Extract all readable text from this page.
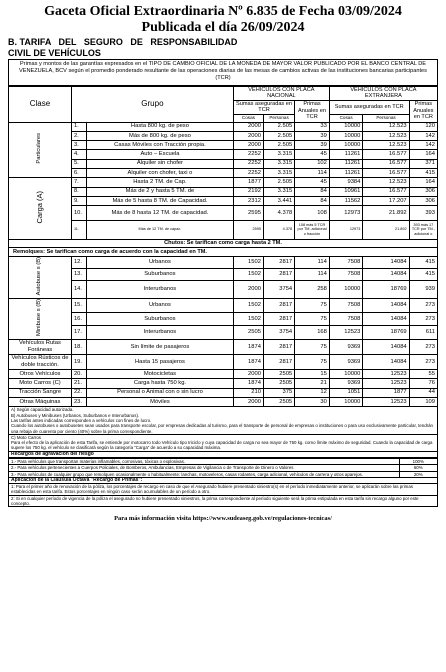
Gaceta Oficial Extraordinaria Nº 6.835 de Fecha 03/09/2024
Publicada el día 26/09/2024
B. TARIFA   DEL   SEGURO   DE   RESPONSABILIDAD
CIVIL DE VEHÍCULOS
Primas y montos de las garantías expresados en el TIPO DE CAMBIO OFICIAL DE LA MONEDA DE MAYOR VALOR PUBLICADO POR EL BANCO CENTRAL DE VENEZUELA, BCV según el promedio ponderado resultante de las operaciones diarias de las mesas de cambios activas de las instituciones bancarias participantes (TCR)
Clase	Grupo		VEHÍCULOS CON PLACA NACIONAL			VEHÍCULOS CON PLACA EXTRANJERA		
			Sumas aseguradas en TCR		Primas Anuales en TCR	Sumas aseguradas en TCR		Primas Anuales en TCR
			Cosas	Personas		Cosas	Personas	
Particulares	1.	Hasta 800 kg. de peso	2000	2.505	33	10000	12.523	120
	2.	Más de 800 kg. de peso	2000	2.505	39	10000	12.523	142
	3.	Casas Móviles con Tracción propia.	2000	2.505	39	10000	12.523	142
	4.	Auto – Escuela	2252	3.315	45	11261	16.577	164
	5.	Alquiler sin chofer	2252	3.315	102	11261	16.577	371
	6.	Alquiler con chofer, taxi o	2252	3.315	114	11261	16.577	415
Carga (A)	7.	Hasta 2 TM. de Cap.	1877	2.505	45	9384	12.523	164
	8.	Más de 2 y hasta 5 TM. de	2192	3.315	84	10961	16.577	306
	9.	Más de 5 hasta 8 TM. de Capacidad.	2312	3.441	84	11562	17.207	306
	10.	Más de 8 hasta 12 TM. de capacidad.	2595	4.378	108	12973	21.892	393
	11.	Más de 12 TM. de capac.	2595	4.378	108 más 5 TCR por TM. adicional o fracción	12973	21.892	393 más 17 TCR por TM., adicional o
Chutos: Se tarifican como carga hasta 2 TM.								
Remolques: Se tarifican como carga de acuerdo con la capacidad en TM.								
Autobuse s (B)	12.	Urbanos	1502	2817	114	7508	14084	415
	13.	Suburbanos	1502	2817	114	7508	14084	415
	14.	Interurbanos	2000	3754	258	10000	18769	939
Minibuse s (B)	15.	Urbanos	1502	2817	75	7508	14084	273
	16.	Suburbanos	1502	2817	75	7508	14084	273
	17.	Interurbanos	2505	3754	168	12523	18769	611
Vehículos Rutas Foráneas	18.	Sin límite de pasajeros	1874	2817	75	9369	14084	273
Vehículos Rústicos de doble tracción.	19.	Hasta 15 pasajeros	1874	2817	75	9369	14084	273
Otros Vehículos	20.	Motocicletas	2000	2505	15	10000	12523	55
Moto Carros (C)	21.	Carga hasta 750 kg.	1874	2505	21	9369	12523	76
Tracción Sangre	22.	Personal o Animal con o sin lucro	210	375	12	1051	1877	44
Otras Máquinas	23.	Móviles	2000	2505	30	10000	12523	109
A) Según capacidad autorizada.
B) Autobuses y Minibuses (Urbanos, Suburbanos e Interurbanos).
Las tarifas antes indicadas corresponden a vehículos con fines de lucro.
Cuando los autobuses o autobusetes sean usados para transporte escolar, por empresas dedicadas al turismo, para el transporte de personal de empresas o instituciones o para uso exclusivamente particular, tendrán una rebaja de cuarenta por ciento (40%) sobre la prima correspondiente.
C) Moto Carros
Para el efecto de la aplicación de esta Tarifa, se entiende por motocarro todo Vehículo tipo triciclo y cuya capacidad de carga no sea mayor de 750 kg. como límite máximo de seguridad. Cuando la capacidad de carga supere los 750 kg. el vehículo se clasificará según la categoría "Carga" de acuerdo a su capacidad máxima.
Recargos de agravación del riesgo
1.- Para vehículos que transportan materias inflamables, corrosivas, tóxicas o explosivas.	100%
2.- Para vehículos pertenecientes a Cuerpos Policiales, de Bomberos, Ambulancias, Empresas de Vigilancia o de Transporte de Dinero o Valores	60%
3.- Para vehículos de cualquier grupo que remolquen ocasionalmente o habitualmente: lanchas, motoveleros, casas rodantes, carga adicional, vehículos de carrera y otros aparejos.	20%
Aplicación de la Cláusula Octava "Recargo de Primas":
1: Para el primer año de renovación de la póliza, los porcentajes de recargo en caso de que el Asegurado hubiere presentado siniestro(s) en el período inmediatamente anterior, se aplicarán sobre las primas establecidas en esta tarifa. Estos porcentajes en ningún caso serán acumulables de un período a otro.
2: Si en cualquier período de vigencia de la póliza el asegurado no hubiere presentado siniestros, la prima correspondiente al período siguiente será la prima estipulada en esta tarifa sin recargo alguno por este concepto.
Para más información visita https://www.sudeaseg.gob.ve/regulaciones-tecnicas/
